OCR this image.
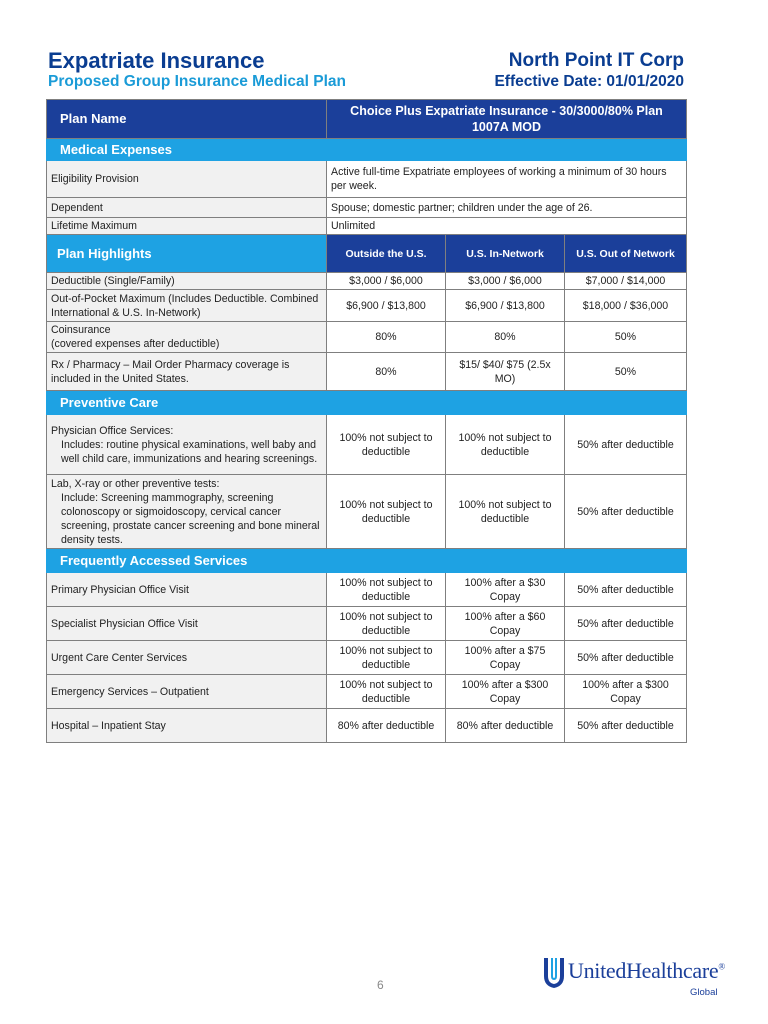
Expatriate Insurance
Proposed Group Insurance Medical Plan
North Point IT Corp
Effective Date: 01/01/2020
Plan Name	Choice Plus Expatriate Insurance - 30/3000/80% Plan 1007A MOD		
Medical Expenses			
Eligibility Provision	Active full-time Expatriate employees of working a minimum of 30 hours per week.		
Dependent	Spouse; domestic partner; children under the age of 26.		
Lifetime Maximum	Unlimited		
Plan Highlights	Outside the U.S.	U.S. In-Network	U.S. Out of Network
Deductible (Single/Family)	$3,000 / $6,000	$3,000 / $6,000	$7,000 / $14,000
Out-of-Pocket Maximum (Includes Deductible. Combined International & U.S. In-Network)	$6,900 / $13,800	$6,900 / $13,800	$18,000 / $36,000

Coinsurance
(covered expenses after deductible)	80%	80%	50%
Rx / Pharmacy – Mail Order Pharmacy coverage is included in the United States.	80%	$15/ $40/ $75 (2.5x MO)	50%
Preventive Care			

Physician Office Services:
Includes: routine physical examinations, well baby and well child care, immunizations and hearing screenings.	100% not subject to deductible	100% not subject to deductible	50% after deductible

Lab, X-ray or other preventive tests:
Include: Screening mammography, screening colonoscopy or sigmoidoscopy, cervical cancer screening, prostate cancer screening and bone mineral density tests.	100% not subject to deductible	100% not subject to deductible	50% after deductible
Frequently Accessed Services			
Primary Physician Office Visit	100% not subject to deductible	100% after a $30 Copay	50% after deductible
Specialist Physician Office Visit	100% not subject to deductible	100% after a $60 Copay	50% after deductible
Urgent Care Center Services	100% not subject to deductible	100% after a $75 Copay	50% after deductible
Emergency Services – Outpatient	100% not subject to deductible	100% after a $300 Copay	100% after a $300 Copay
Hospital – Inpatient Stay	80% after deductible	80% after deductible	50% after deductible
6
UnitedHealthcare®
Global
